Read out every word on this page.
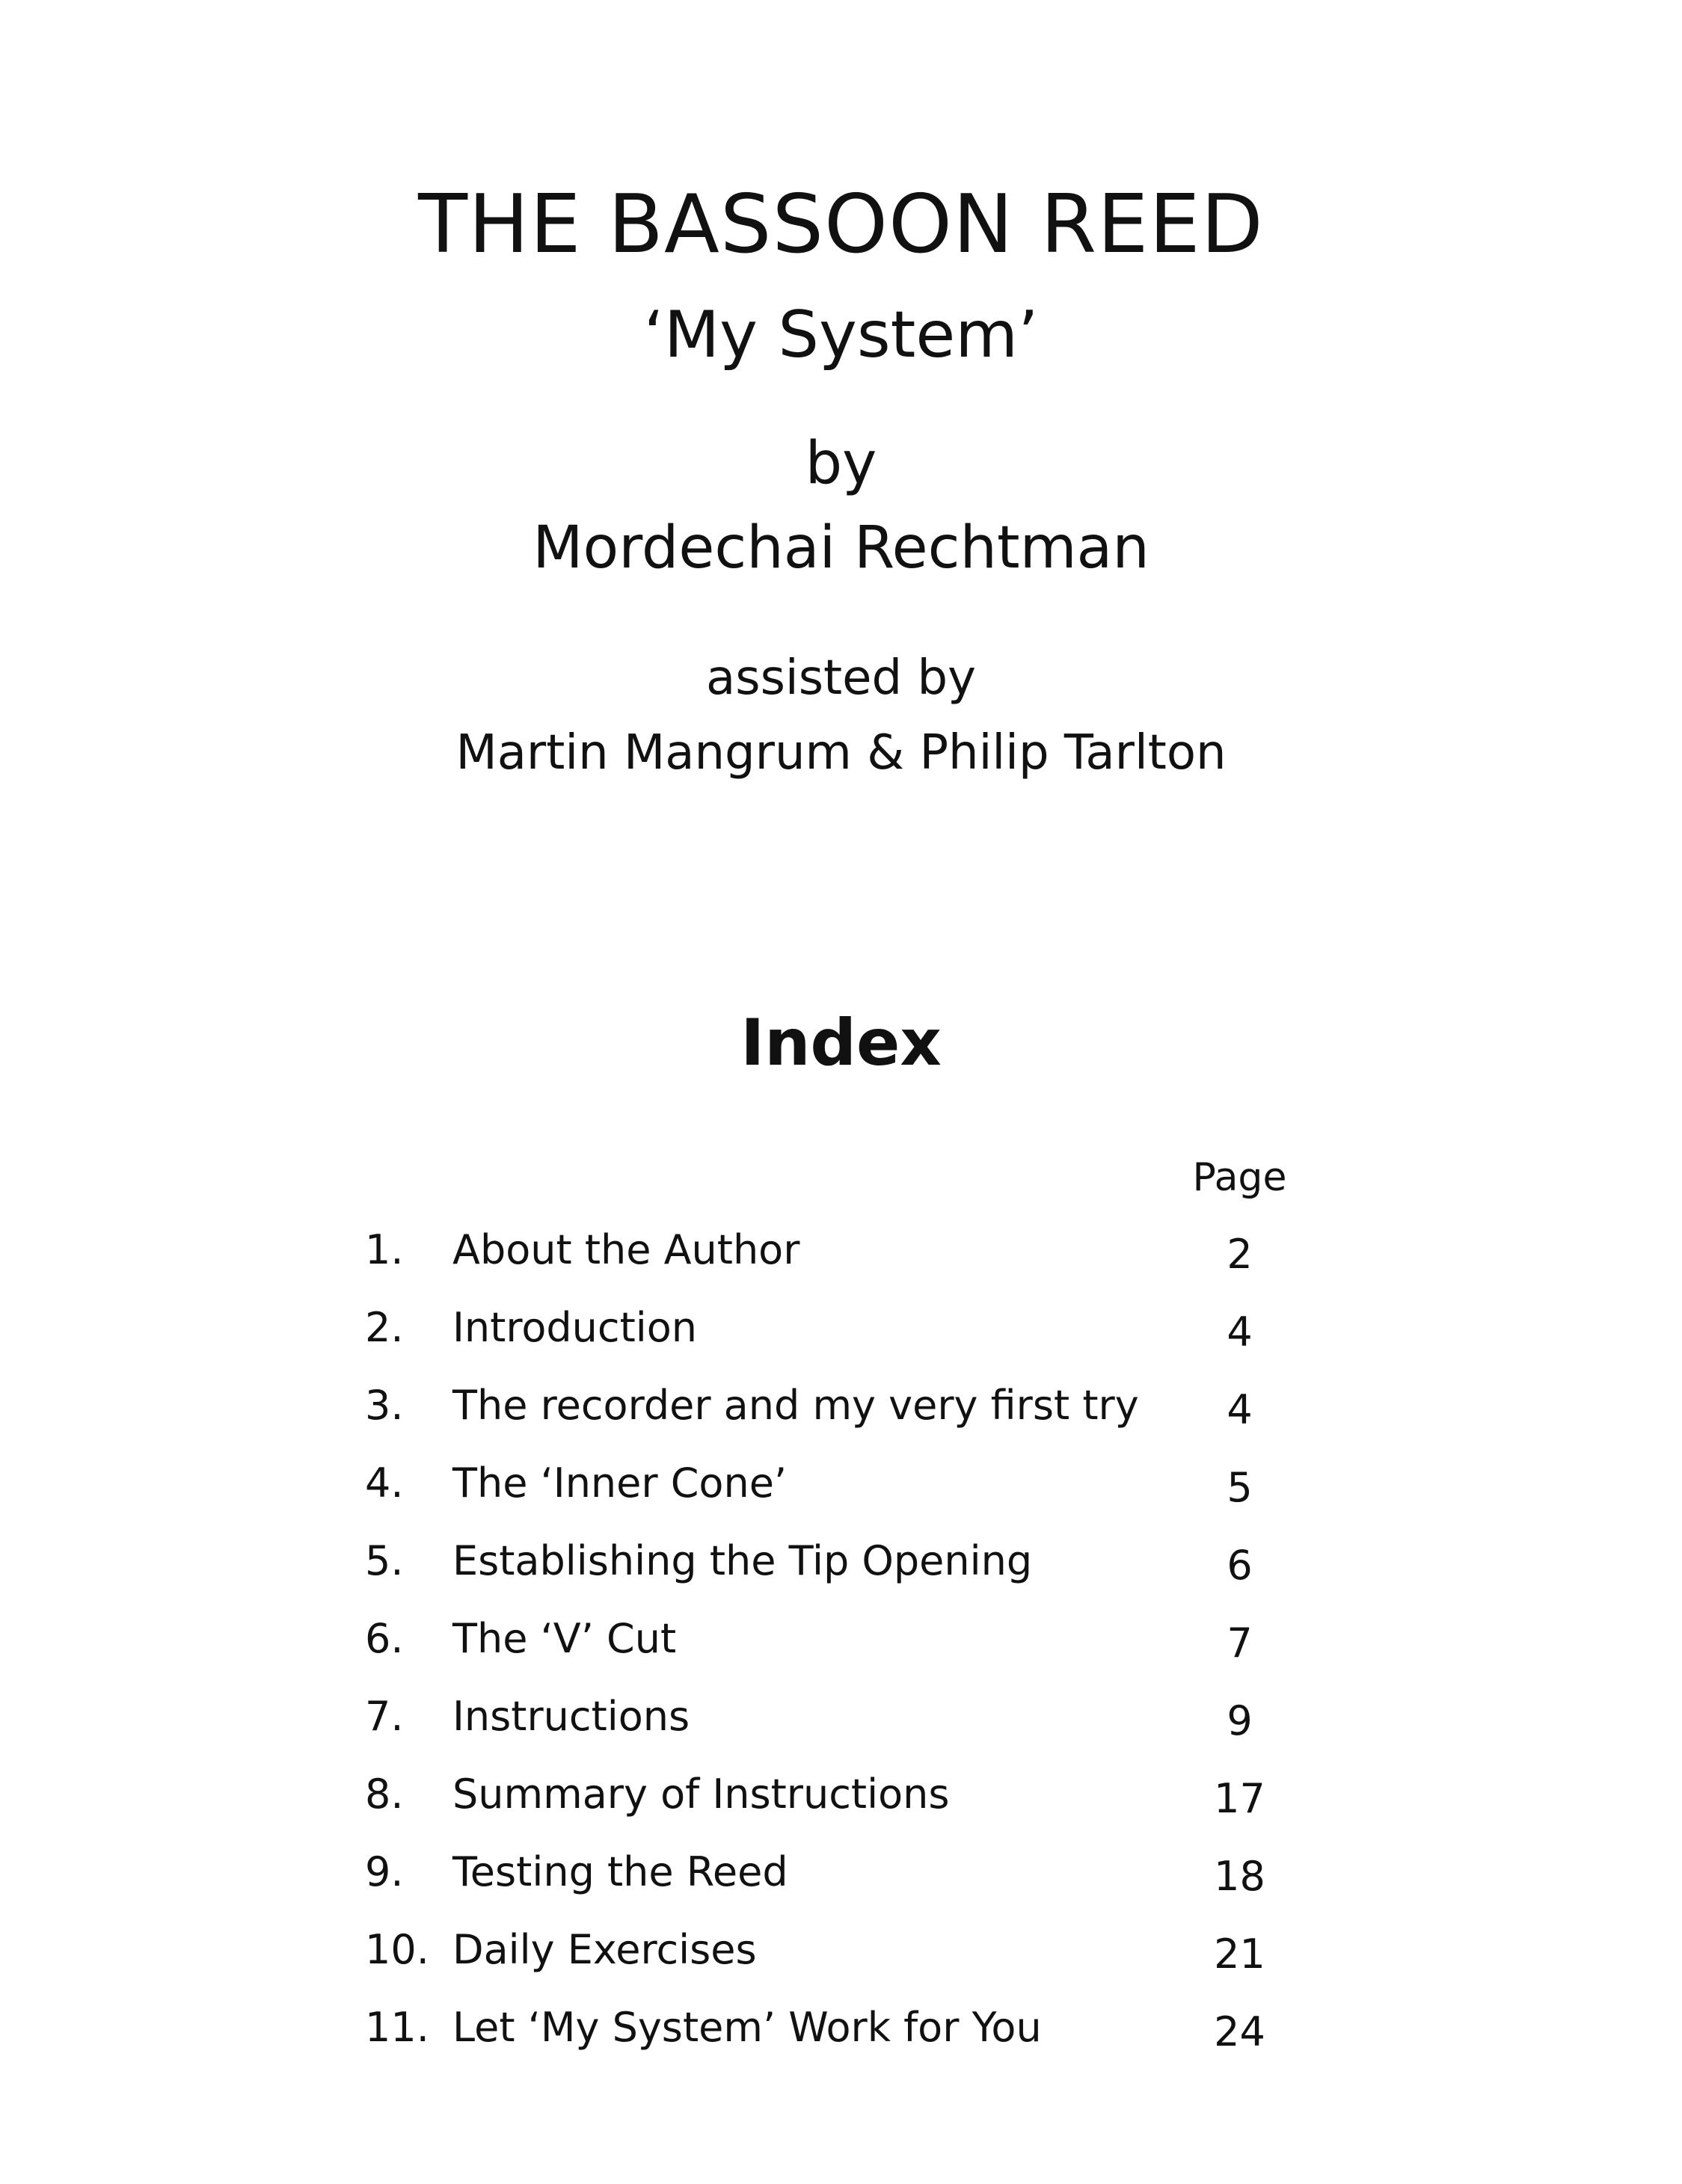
THE BASSOON REED
‘My System’
by
Mordechai Rechtman
assisted by
Martin Mangrum & Philip Tarlton
Index
Page
1. About the Author	2
2. Introduction	4
3. The recorder and my very first try	4
4. The ‘Inner Cone’	5
5. Establishing the Tip Opening	6
6. The ‘V’ Cut	7
7. Instructions	9
8. Summary of Instructions	17
9. Testing the Reed	18
10. Daily Exercises	21
11. Let ‘My System’ Work for You	24
